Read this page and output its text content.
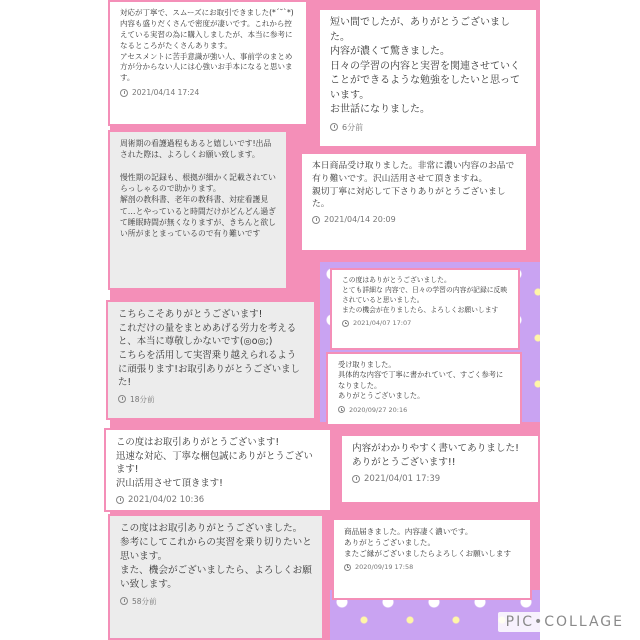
対応が丁寧で、スムーズにお取引できました(*´˘`*)
内容も盛りだくさんで密度が凄いです。これから控えている実習の為に購入しましたが、本当に参考になるところがたくさんあります。
アセスメントに苦手意識が強い人、事前学のまとめ方が分からない人には心強いお手本になると思います。
2021/04/14 17:24
短い間でしたが、ありがとうございました。
内容が濃くて驚きました。
日々の学習の内容と実習を関連させていくことができるような勉強をしたいと思っています。
お世話になりました。
6分前
周術期の看護過程もあると嬉しいです!出品された際は、よろしくお願い致します。

慢性期の記録も、根拠が細かく記載されていらっしゃるので助かります。
解剖の教科書、老年の教科書、対症看護見て…とやっていると時間だけがどんどん過ぎて睡眠時間が無くなりますが、きちんと欲しい所がまとまっているので有り難いです
本日商品受け取りました。非常に濃い内容のお品で有り難いです。沢山活用させて頂きますね。
親切丁寧に対応して下さりありがとうございました。
2021/04/14 20:09
この度はありがとうございました。
とても詳細な 内容で、日々の学習の内容が記録に反映されていると思いました。
またの機会が在りましたら、よろしくお願いします
2021/04/07 17:07
こちらこそありがとうございます!
これだけの量をまとめあげる労力を考えると、本当に尊敬しかないです(◎o◎;)
こちらを活用して実習乗り越えられるように頑張ります!お取引ありがとうございました!
18分前
受け取りました。
具体的な内容で丁寧に書かれていて、すごく参考になりました。
ありがとうございました。
2020/09/27 20:16
この度はお取引ありがとうございます!
迅速な対応、丁寧な梱包誠にありがとうございます!
沢山活用させて頂きます!
2021/04/02 10:36
内容がわかりやすく書いてありました!ありがとうございます!!
2021/04/01 17:39
この度はお取引ありがとうございました。
参考にしてこれからの実習を乗り切りたいと思います。
また、機会がございましたら、よろしくお願い致します。
58分前
商品届きました。内容凄く濃いです。
ありがとうございました。
またご縁がございましたらよろしくお願いします
2020/09/19 17:58
PIC•COLLAGE
